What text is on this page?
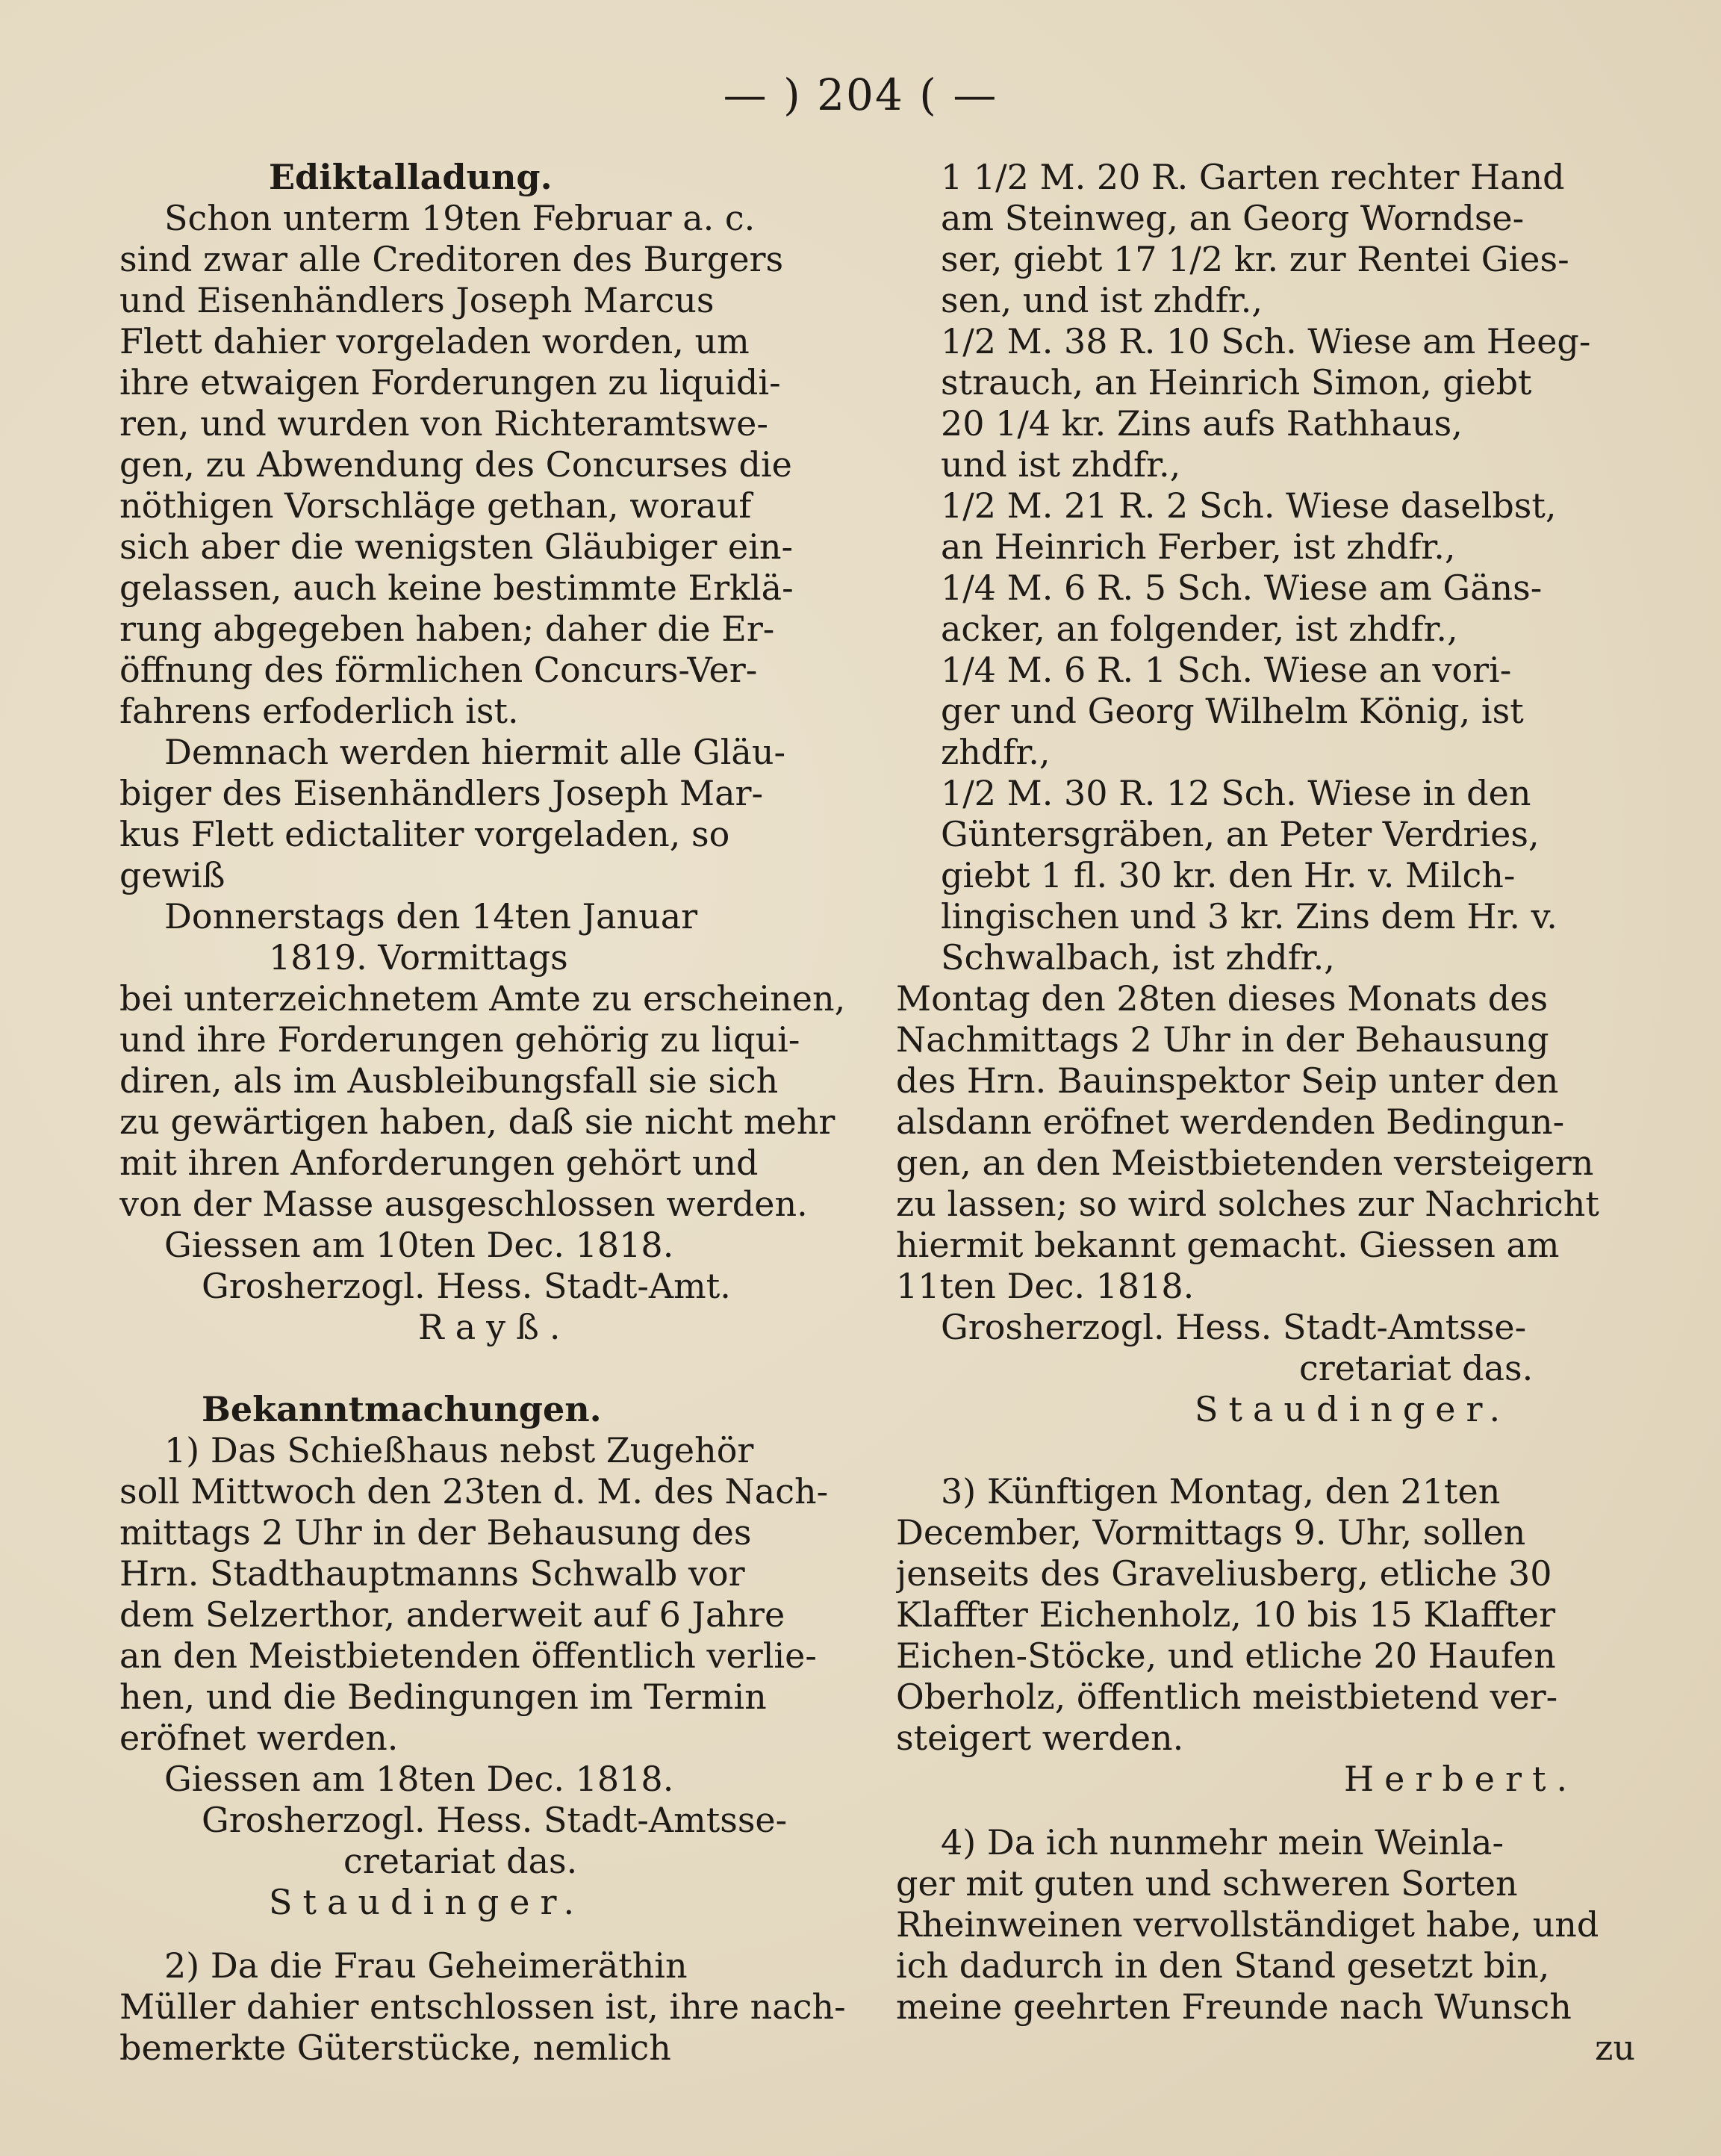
— ) 204 ( —
Ediktalladung.
Schon unterm 19ten Februar a. c.
sind zwar alle Creditoren des Burgers
und Eisenhändlers Joseph Marcus
Flett dahier vorgeladen worden, um
ihre etwaigen Forderungen zu liquidi-
ren, und wurden von Richteramtswe-
gen, zu Abwendung des Concurses die
nöthigen Vorschläge gethan, worauf
sich aber die wenigsten Gläubiger ein-
gelassen, auch keine bestimmte Erklä-
rung abgegeben haben; daher die Er-
öffnung des förmlichen Concurs-Ver-
fahrens erfoderlich ist.
Demnach werden hiermit alle Gläu-
biger des Eisenhändlers Joseph Mar-
kus Flett edictaliter vorgeladen, so
gewiß
Donnerstags den 14ten Januar
1819. Vormittags
bei unterzeichnetem Amte zu erscheinen,
und ihre Forderungen gehörig zu liqui-
diren, als im Ausbleibungsfall sie sich
zu gewärtigen haben, daß sie nicht mehr
mit ihren Anforderungen gehört und
von der Masse ausgeschlossen werden.
Giessen am 10ten Dec. 1818.
Grosherzogl. Hess. Stadt-Amt.
Rayß.
Bekanntmachungen.
1) Das Schießhaus nebst Zugehör
soll Mittwoch den 23ten d. M. des Nach-
mittags 2 Uhr in der Behausung des
Hrn. Stadthauptmanns Schwalb vor
dem Selzerthor, anderweit auf 6 Jahre
an den Meistbietenden öffentlich verlie-
hen, und die Bedingungen im Termin
eröfnet werden.
Giessen am 18ten Dec. 1818.
Grosherzogl. Hess. Stadt-Amtsse-
cretariat das.
Staudinger.
2) Da die Frau Geheimeräthin
Müller dahier entschlossen ist, ihre nach-
bemerkte Güterstücke, nemlich
1 1/2 M. 20 R. Garten rechter Hand
am Steinweg, an Georg Worndse-
ser, giebt 17 1/2 kr. zur Rentei Gies-
sen, und ist zhdfr.,
1/2 M. 38 R. 10 Sch. Wiese am Heeg-
strauch, an Heinrich Simon, giebt
20 1/4 kr. Zins aufs Rathhaus,
und ist zhdfr.,
1/2 M. 21 R. 2 Sch. Wiese daselbst,
an Heinrich Ferber, ist zhdfr.,
1/4 M. 6 R. 5 Sch. Wiese am Gäns-
acker, an folgender, ist zhdfr.,
1/4 M. 6 R. 1 Sch. Wiese an vori-
ger und Georg Wilhelm König, ist
zhdfr.,
1/2 M. 30 R. 12 Sch. Wiese in den
Güntersgräben, an Peter Verdries,
giebt 1 fl. 30 kr. den Hr. v. Milch-
lingischen und 3 kr. Zins dem Hr. v.
Schwalbach, ist zhdfr.,
Montag den 28ten dieses Monats des
Nachmittags 2 Uhr in der Behausung
des Hrn. Bauinspektor Seip unter den
alsdann eröfnet werdenden Bedingun-
gen, an den Meistbietenden versteigern
zu lassen; so wird solches zur Nachricht
hiermit bekannt gemacht. Giessen am
11ten Dec. 1818.
Grosherzogl. Hess. Stadt-Amtsse-
cretariat das.
Staudinger.
3) Künftigen Montag, den 21ten
December, Vormittags 9. Uhr, sollen
jenseits des Graveliusberg, etliche 30
Klaffter Eichenholz, 10 bis 15 Klaffter
Eichen-Stöcke, und etliche 20 Haufen
Oberholz, öffentlich meistbietend ver-
steigert werden.
Herbert.
4) Da ich nunmehr mein Weinla-
ger mit guten und schweren Sorten
Rheinweinen vervollständiget habe, und
ich dadurch in den Stand gesetzt bin,
meine geehrten Freunde nach Wunsch
zu
